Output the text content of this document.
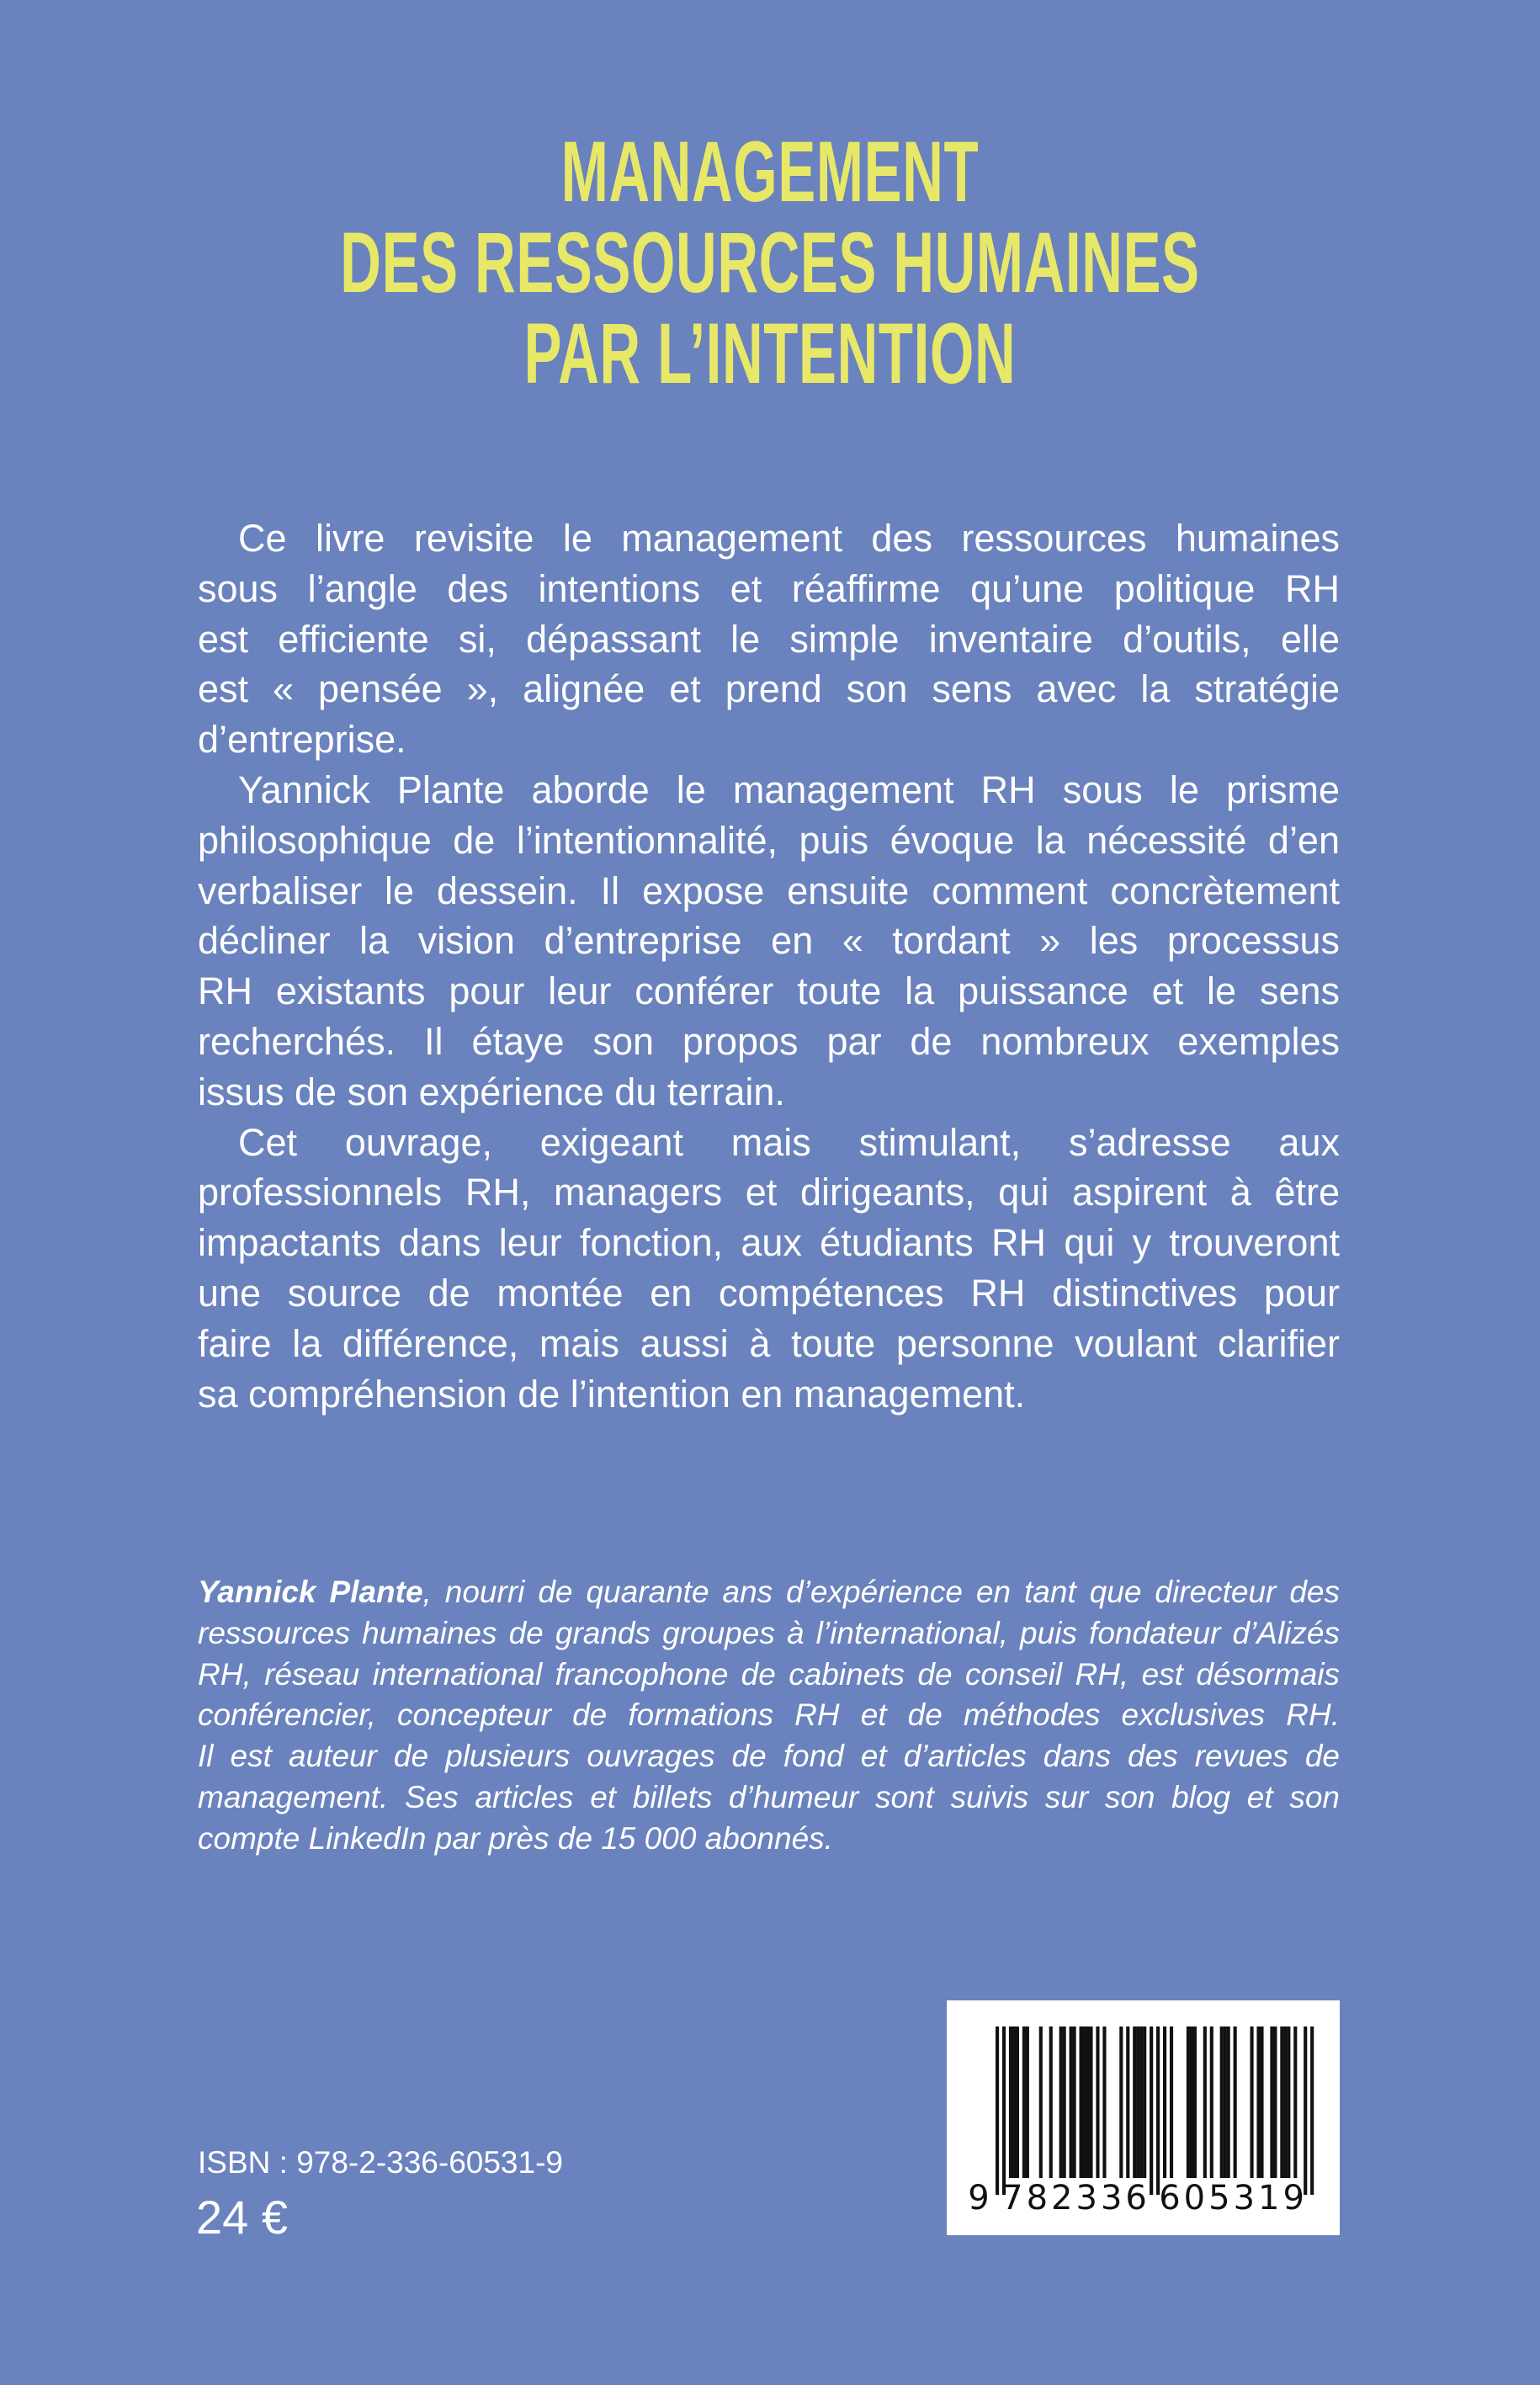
MANAGEMENT
DES RESSOURCES HUMAINES
PAR L’INTENTION
Ce livre revisite le management des ressources humaines
sous l’angle des intentions et réaffirme qu’une politique RH
est efficiente si, dépassant le simple inventaire d’outils, elle
est « pensée », alignée et prend son sens avec la stratégie
d’entreprise.
Yannick Plante aborde le management RH sous le prisme
philosophique de l’intentionnalité, puis évoque la nécessité d’en
verbaliser le dessein. Il expose ensuite comment concrètement
décliner la vision d’entreprise en « tordant » les processus
RH existants pour leur conférer toute la puissance et le sens
recherchés. Il étaye son propos par de nombreux exemples
issus de son expérience du terrain.
Cet ouvrage, exigeant mais stimulant, s’adresse aux
professionnels RH, managers et dirigeants, qui aspirent à être
impactants dans leur fonction, aux étudiants RH qui y trouveront
une source de montée en compétences RH distinctives pour
faire la différence, mais aussi à toute personne voulant clarifier
sa compréhension de l’intention en management.
Yannick Plante, nourri de quarante ans d’expérience en tant que directeur des
ressources humaines de grands groupes à l’international, puis fondateur d’Alizés
RH, réseau international francophone de cabinets de conseil RH, est désormais
conférencier, concepteur de formations RH et de méthodes exclusives RH.
Il est auteur de plusieurs ouvrages de fond et d’articles dans des revues de
management. Ses articles et billets d’humeur sont suivis sur son blog et son
compte LinkedIn par près de 15 000 abonnés.
ISBN : 978-2-336-60531-9
24 €	9 782336 605319
